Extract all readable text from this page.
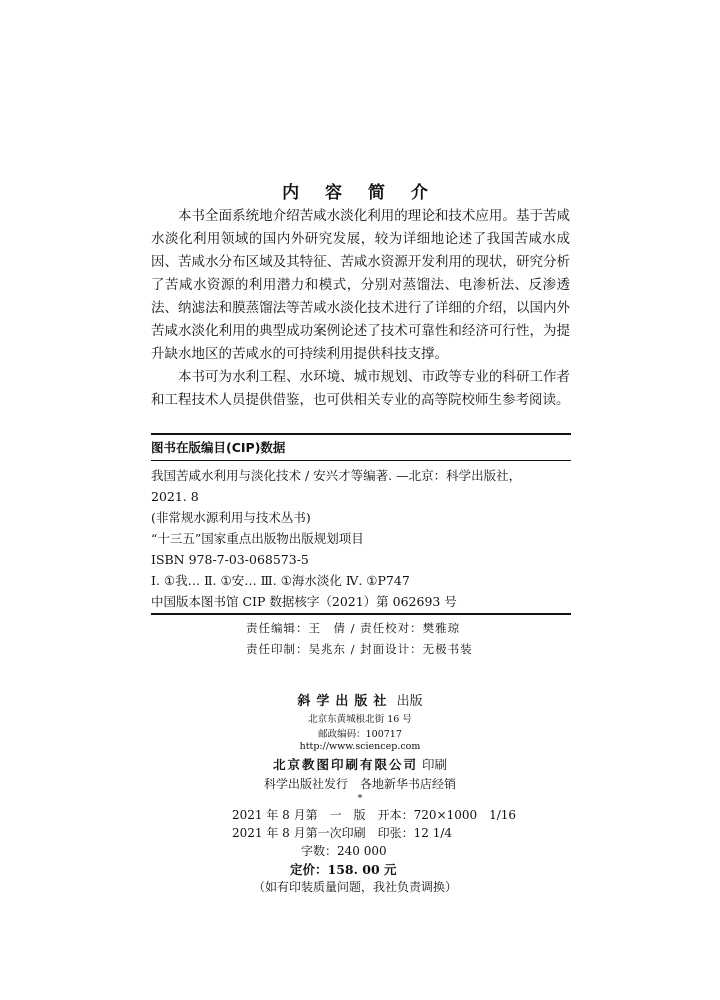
内 容 简 介

本书全面系统地介绍苦咸水淡化利用的理论和技术应用。基于苦咸水淡化利用领域的国内外研究发展，较为详细地论述了我国苦咸水成因、苦咸水分布区域及其特征、苦咸水资源开发利用的现状，研究分析了苦咸水资源的利用潜力和模式，分别对蒸馏法、电渗析法、反渗透法、纳滤法和膜蒸馏法等苦咸水淡化技术进行了详细的介绍，以国内外苦咸水淡化利用的典型成功案例论述了技术可靠性和经济可行性，为提升缺水地区的苦咸水的可持续利用提供科技支撑。

本书可为水利工程、水环境、城市规划、市政等专业的科研工作者和工程技术人员提供借鉴，也可供相关专业的高等院校师生参考阅读。

图书在版编目(CIP)数据
我国苦咸水利用与淡化技术 / 安兴才等编著. —北京：科学出版社，
2021. 8
(非常规水源利用与技术丛书)
“十三五”国家重点出版物出版规划项目
ISBN 978-7-03-068573-5
Ⅰ. ①我… Ⅱ. ①安… Ⅲ. ①海水淡化 Ⅳ. ①P747
中国版本图书馆 CIP 数据核字（2021）第 062693 号
责任编辑：王　倩 / 责任校对：樊雅琼
责任印制：吴兆东 / 封面设计：无极书装
斜学出版社 出版
北京东黄城根北街 16 号
邮政编码：100717
http://www.sciencep.com
北京教图印刷有限公司 印刷
科学出版社发行　各地新华书店经销
*
2021 年 8 月第　一　版　开本：720×1000　1/16
2021 年 8 月第一次印刷　印张：12 1/4
字数：240 000
定价：158. 00 元
（如有印装质量问题，我社负责调换）
